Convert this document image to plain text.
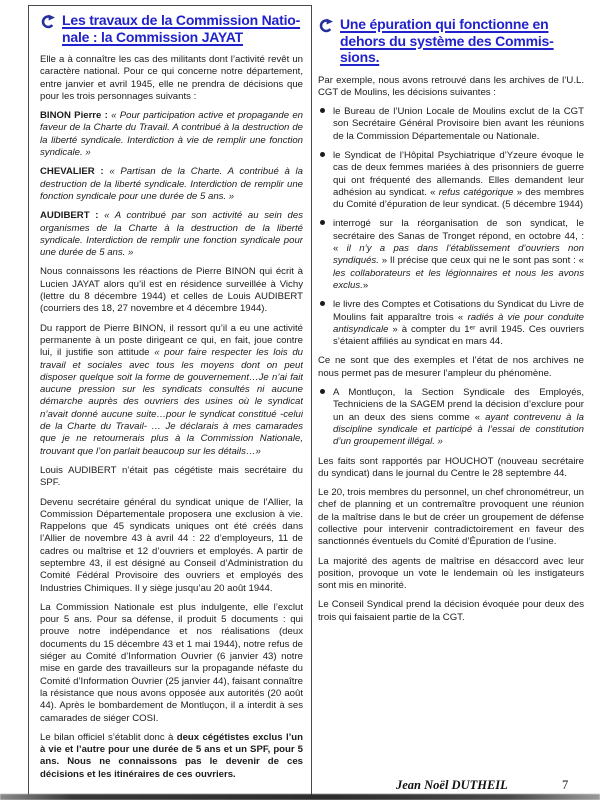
Les travaux de la Commission Natio-
nale : la Commission JAYAT
Elle a à connaître les cas des militants dont l’activité revêt un caractère national. Pour ce qui concerne notre département, entre janvier et avril 1945, elle ne prendra de décisions que pour les trois personnages suivants :
BINON Pierre : « Pour participation active et propagande en faveur de la Charte du Travail. A contribué à la destruction de la liberté syndicale. Interdiction à vie de remplir une fonction syndicale. »
CHEVALIER : « Partisan de la Charte. A contribué à la destruction de la liberté syndicale. Interdiction de remplir une fonction syndicale pour une durée de 5 ans. »
AUDIBERT : « A contribué par son activité au sein des organismes de la Charte à la destruction de la liberté syndicale. Interdiction de remplir une fonction syndicale pour une durée de 5 ans. »
Nous connaissons les réactions de Pierre BINON qui écrit à Lucien JAYAT alors qu’il est en résidence surveillée à Vichy (lettre du 8 décembre 1944) et celles de Louis AUDIBERT (courriers des 18, 27 novembre et 4 décembre 1944).
Du rapport de Pierre BINON, il ressort qu’il a eu une activité permanente à un poste dirigeant ce qui, en fait, joue contre lui, il justifie son attitude « pour faire respecter les lois du travail et sociales avec tous les moyens dont on peut disposer quelque soit la forme de gouvernement…Je n’ai fait aucune pression sur les syndicats consultés ni aucune démarche auprès des ouvriers des usines où le syndicat n’avait donné aucune suite…pour le syndicat constitué -celui de la Charte du Travail- … Je déclarais à mes camarades que je ne retournerais plus à la Commission Nationale, trouvant que l’on parlait beaucoup sur les détails…»
Louis AUDIBERT n’était pas cégétiste mais secrétaire du SPF.
Devenu secrétaire général du syndicat unique de l’Allier, la Commission Départementale proposera une exclusion à vie. Rappelons que 45 syndicats uniques ont été créés dans l’Allier de novembre 43 à avril 44 : 22 d’employeurs, 11 de cadres ou maîtrise et 12 d’ouvriers et employés. A partir de septembre 43, il est désigné au Conseil d’Administration du Comité Fédéral Provisoire des ouvriers et employés des Industries Chimiques. Il y siège jusqu’au 20 août 1944.
La Commission Nationale est plus indulgente, elle l’exclut pour 5 ans. Pour sa défense, il produit 5 documents : qui prouve notre indépendance et nos réalisations (deux documents du 15 décembre 43 et 1 mai 1944), notre refus de siéger au Comité d’Information Ouvrier (6 janvier 43) notre mise en garde des travailleurs sur la propagande néfaste du Comité d’Information Ouvrier (25 janvier 44), faisant connaître la résistance que nous avons opposée aux autorités (20 août 44). Après le bombardement de Montluçon, il a interdit à ses camarades de siéger COSI.
Le bilan officiel s’établit donc à deux cégétistes exclus l’un à vie et l’autre pour une durée de 5 ans et un SPF, pour 5 ans. Nous ne connaissons pas le devenir de ces décisions et les itinéraires de ces ouvriers.
Une épuration qui fonctionne en
dehors du système des Commis-
sions.
Par exemple, nous avons retrouvé dans les archives de l’U.L. CGT de Moulins, les décisions suivantes :
le Bureau de l’Union Locale de Moulins exclut de la CGT son Secrétaire Général Provisoire bien avant les réunions de la Commission Départementale ou Nationale.
le Syndicat de l’Hôpital Psychiatrique d’Yzeure évoque le cas de deux femmes mariées à des prisonniers de guerre qui ont fréquenté des allemands. Elles demandent leur adhésion au syndicat. « refus catégorique » des membres du Comité d’épuration de leur syndicat. (5 décembre 1944)
interrogé sur la réorganisation de son syndicat, le secrétaire des Sanas de Tronget répond, en octobre 44, : « il n’y a pas dans l’établissement d’ouvriers non syndiqués. » Il précise que ceux qui ne le sont pas sont : « les collaborateurs et les légionnaires et nous les avons exclus.»
le livre des Comptes et Cotisations du Syndicat du Livre de Moulins fait apparaître trois « radiés à vie pour conduite antisyndicale » à compter du 1ᵉʳ avril 1945. Ces ouvriers s’étaient affiliés au syndicat en mars 44.
Ce ne sont que des exemples et l’état de nos archives ne nous permet pas de mesurer l’ampleur du phénomène.
A Montluçon, la Section Syndicale des Employés, Techniciens de la SAGEM prend la décision d’exclure pour un an deux des siens comme « ayant contrevenu à la discipline syndicale et participé à l’essai de constitution d’un groupement illégal. »
Les faits sont rapportés par HOUCHOT (nouveau secrétaire du syndicat) dans le journal du Centre le 28 septembre 44.
Le 20, trois membres du personnel, un chef chronométreur, un chef de planning et un contremaître provoquent une réunion de la maîtrise dans le but de créer un groupement de défense collective pour intervenir contradictoirement en faveur des sanctionnés éventuels du Comité d’Épuration de l’usine.
La majorité des agents de maîtrise en désaccord avec leur position, provoque un vote le lendemain où les instigateurs sont mis en minorité.
Le Conseil Syndical prend la décision évoquée pour deux des trois qui faisaient partie de la CGT.
Jean Noël DUTHEIL	7
